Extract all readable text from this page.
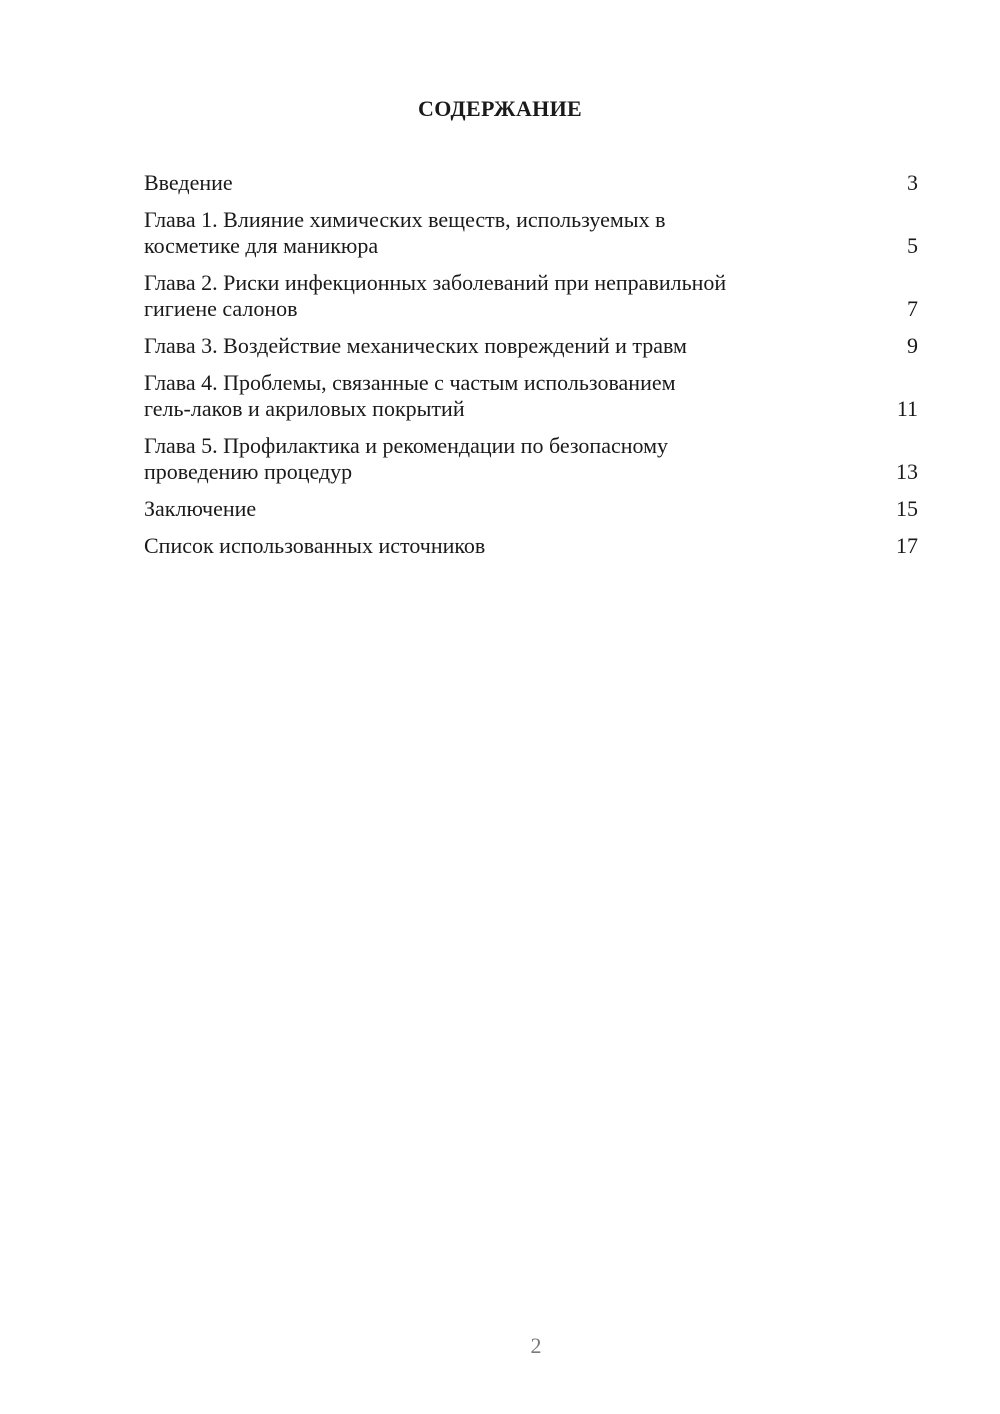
СОДЕРЖАНИЕ
Введение	3
Глава 1. Влияние химических веществ, используемых в
косметике для маникюра	5
Глава 2. Риски инфекционных заболеваний при неправильной
гигиене салонов	7
Глава 3. Воздействие механических повреждений и травм	9
Глава 4. Проблемы, связанные с частым использованием
гель-лаков и акриловых покрытий	11
Глава 5. Профилактика и рекомендации по безопасному
проведению процедур	13
Заключение	15
Список использованных источников	17
2
